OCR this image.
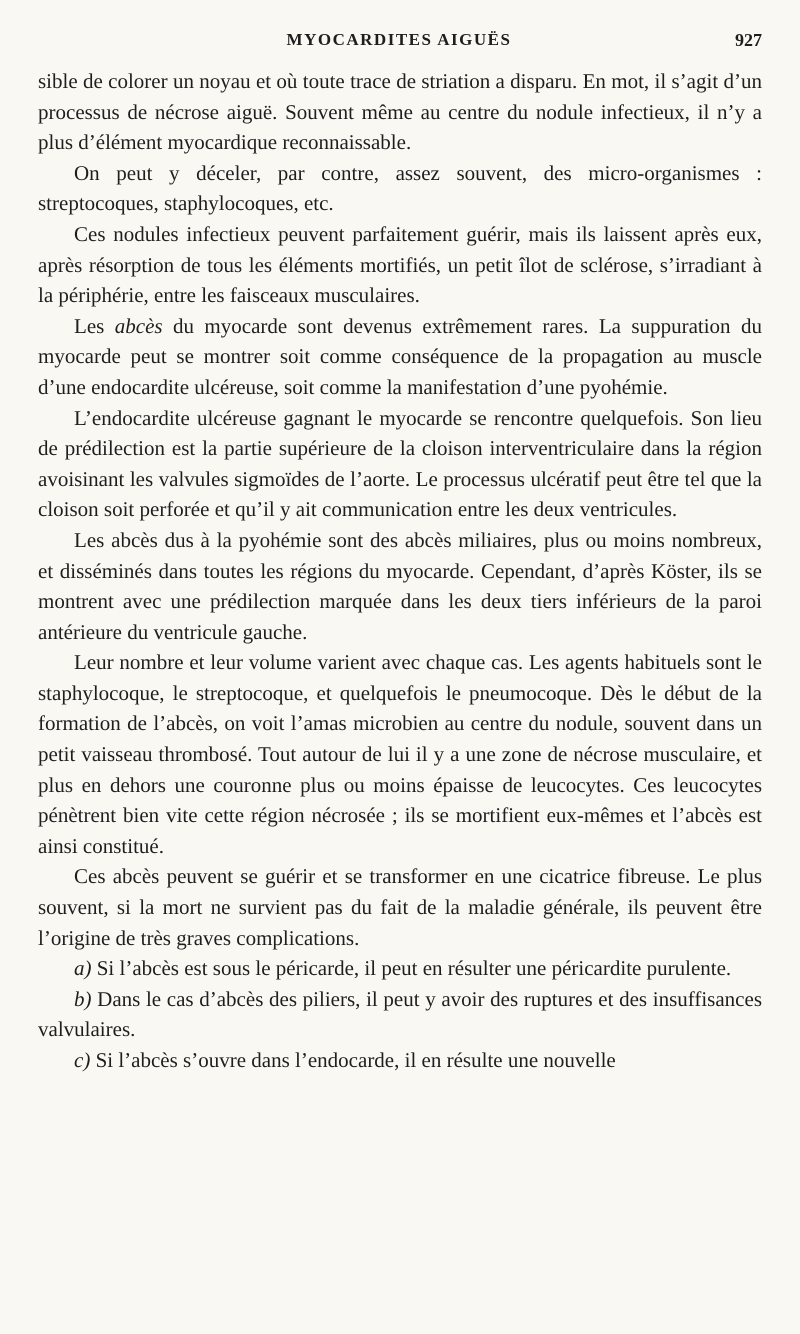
MYOCARDITES AIGUËS	927

sible de colorer un noyau et où toute trace de striation a disparu. En mot, il s’agit d’un processus de nécrose aiguë. Souvent même au centre du nodule infectieux, il n’y a plus d’élément myocardique reconnaissable.

On peut y déceler, par contre, assez souvent, des micro-organismes : streptocoques, staphylocoques, etc.

Ces nodules infectieux peuvent parfaitement guérir, mais ils laissent après eux, après résorption de tous les éléments mortifiés, un petit îlot de sclérose, s’irradiant à la périphérie, entre les faisceaux musculaires.

Les abcès du myocarde sont devenus extrêmement rares. La suppuration du myocarde peut se montrer soit comme conséquence de la propagation au muscle d’une endocardite ulcéreuse, soit comme la manifestation d’une pyohémie.

L’endocardite ulcéreuse gagnant le myocarde se rencontre quelquefois. Son lieu de prédilection est la partie supérieure de la cloison interventriculaire dans la région avoisinant les valvules sigmoïdes de l’aorte. Le processus ulcératif peut être tel que la cloison soit perforée et qu’il y ait communication entre les deux ventricules.

Les abcès dus à la pyohémie sont des abcès miliaires, plus ou moins nombreux, et disséminés dans toutes les régions du myocarde. Cependant, d’après Köster, ils se montrent avec une prédilection marquée dans les deux tiers inférieurs de la paroi antérieure du ventricule gauche.

Leur nombre et leur volume varient avec chaque cas. Les agents habituels sont le staphylocoque, le streptocoque, et quelquefois le pneumocoque. Dès le début de la formation de l’abcès, on voit l’amas microbien au centre du nodule, souvent dans un petit vaisseau thrombosé. Tout autour de lui il y a une zone de nécrose musculaire, et plus en dehors une couronne plus ou moins épaisse de leucocytes. Ces leucocytes pénètrent bien vite cette région nécrosée ; ils se mortifient eux-mêmes et l’abcès est ainsi constitué.

Ces abcès peuvent se guérir et se transformer en une cicatrice fibreuse. Le plus souvent, si la mort ne survient pas du fait de la maladie générale, ils peuvent être l’origine de très graves complications.

a) Si l’abcès est sous le péricarde, il peut en résulter une péricardite purulente.

b) Dans le cas d’abcès des piliers, il peut y avoir des ruptures et des insuffisances valvulaires.

c) Si l’abcès s’ouvre dans l’endocarde, il en résulte une nouvelle
